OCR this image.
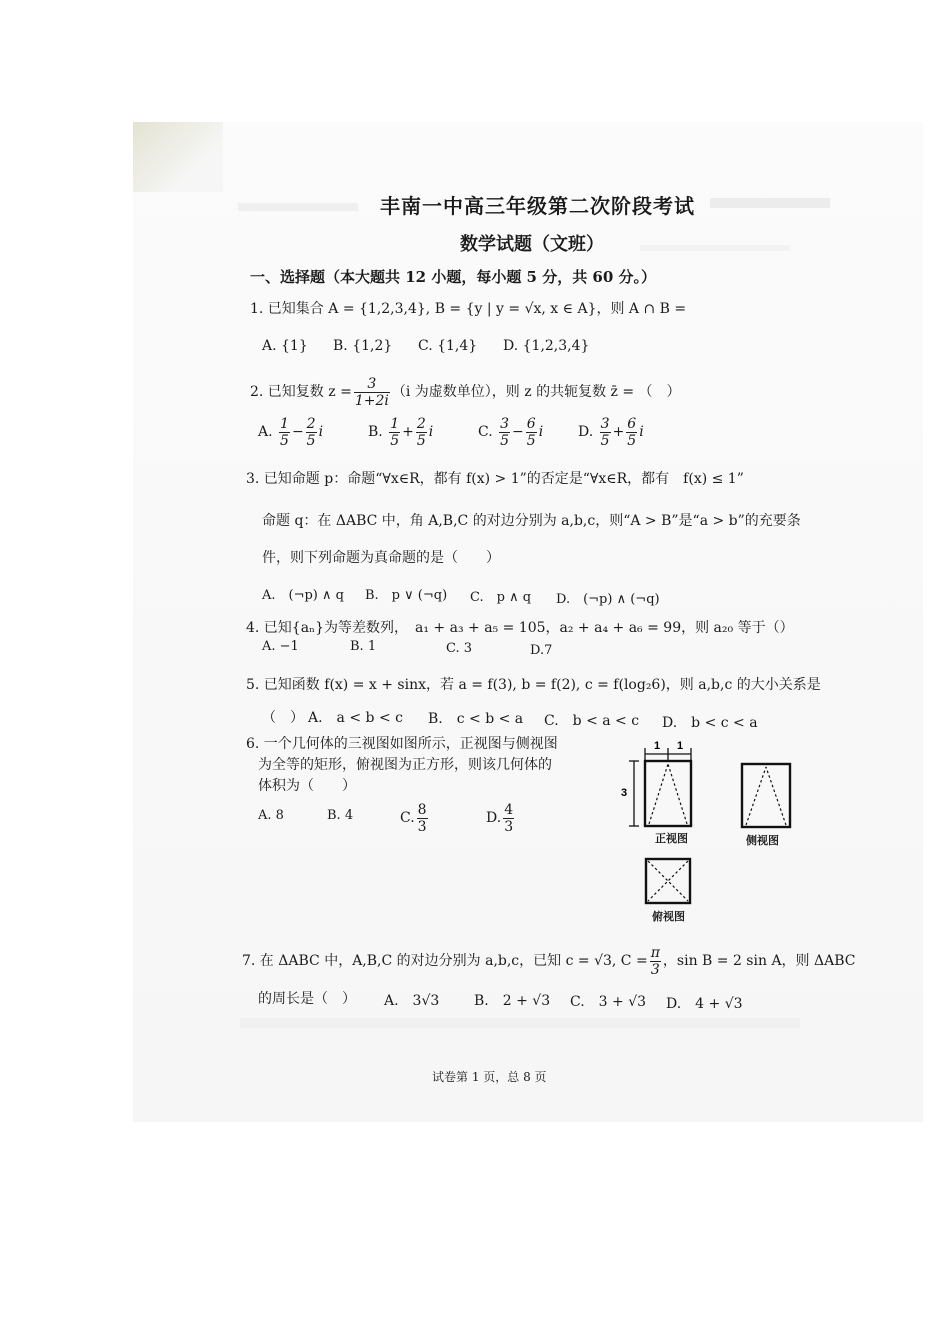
丰南一中高三年级第二次阶段考试
数学试题（文班）
一、选择题（本大题共 12 小题，每小题 5 分，共 60 分。）
1. 已知集合 A = {1,2,3,4}, B = {y | y = √x, x ∈ A}，则 A ∩ B =
A. {1} B. {1,2} C. {1,4} D. {1,2,3,4}
2. 已知复数 $z = \frac{3}{1+2i} (i$ 为虚数单位），则 z 的共轭复数 z̄ = （　）
A.
$\frac{1}{5} - \frac{2}{5}$ i	B.
$\frac{1}{5} + \frac{2}{5}$ i	C.
$\frac{3}{5} - \frac{6}{5}$ i D.
$\frac{3}{5} + \frac{6}{5}$ i
3. 已知命题 p：命题“∀x∈R，都有 f(x) > 1”的否定是“∀x∈R，都有　f(x) ≤ 1”
命题 q：在 ΔABC 中，角 A,B,C 的对边分别为 a,b,c，则“A > B”是“a > b”的充要条
件，则下列命题为真命题的是（　　）
A.　(¬p) ∧ q B.　p ∨ (¬q) C.　p ∧ q D.　(¬p) ∧ (¬q)
4. 已知{aₙ}为等差数列，　a₁ + a₃ + a₅ = 105，a₂ + a₄ + a₆ = 99，则 a₂₀ 等于（）
A. −1	B. 1	C. 3	D.7
5. 已知函数 f(x) = x + sinx，若 a = f(3), b = f(2), c = f(log₂6)，则 a,b,c 的大小关系是
（　） A.　a < b < c B.　c < b < a C.　b < a < c D.　b < c < a
6. 一个几何体的三视图如图所示，正视图与侧视图
为全等的矩形，俯视图为正方形，则该几何体的
体积为（　　）
A. 8	B. 4	C. $\frac{8}{3}$	D. $\frac{4}{3}$
1 1
3
正视图	侧视图
俯视图
7. 在 ΔABC 中，A,B,C 的对边分别为 a,b,c，已知 c = √3, $C = \frac{\pi}{3}$ ，sin B = 2 sin A，则 ΔABC
的周长是（　） A.　3√3 B.　2 + √3 C.　3 + √3 D.　4 + √3
试卷第 1 页，总 8 页
